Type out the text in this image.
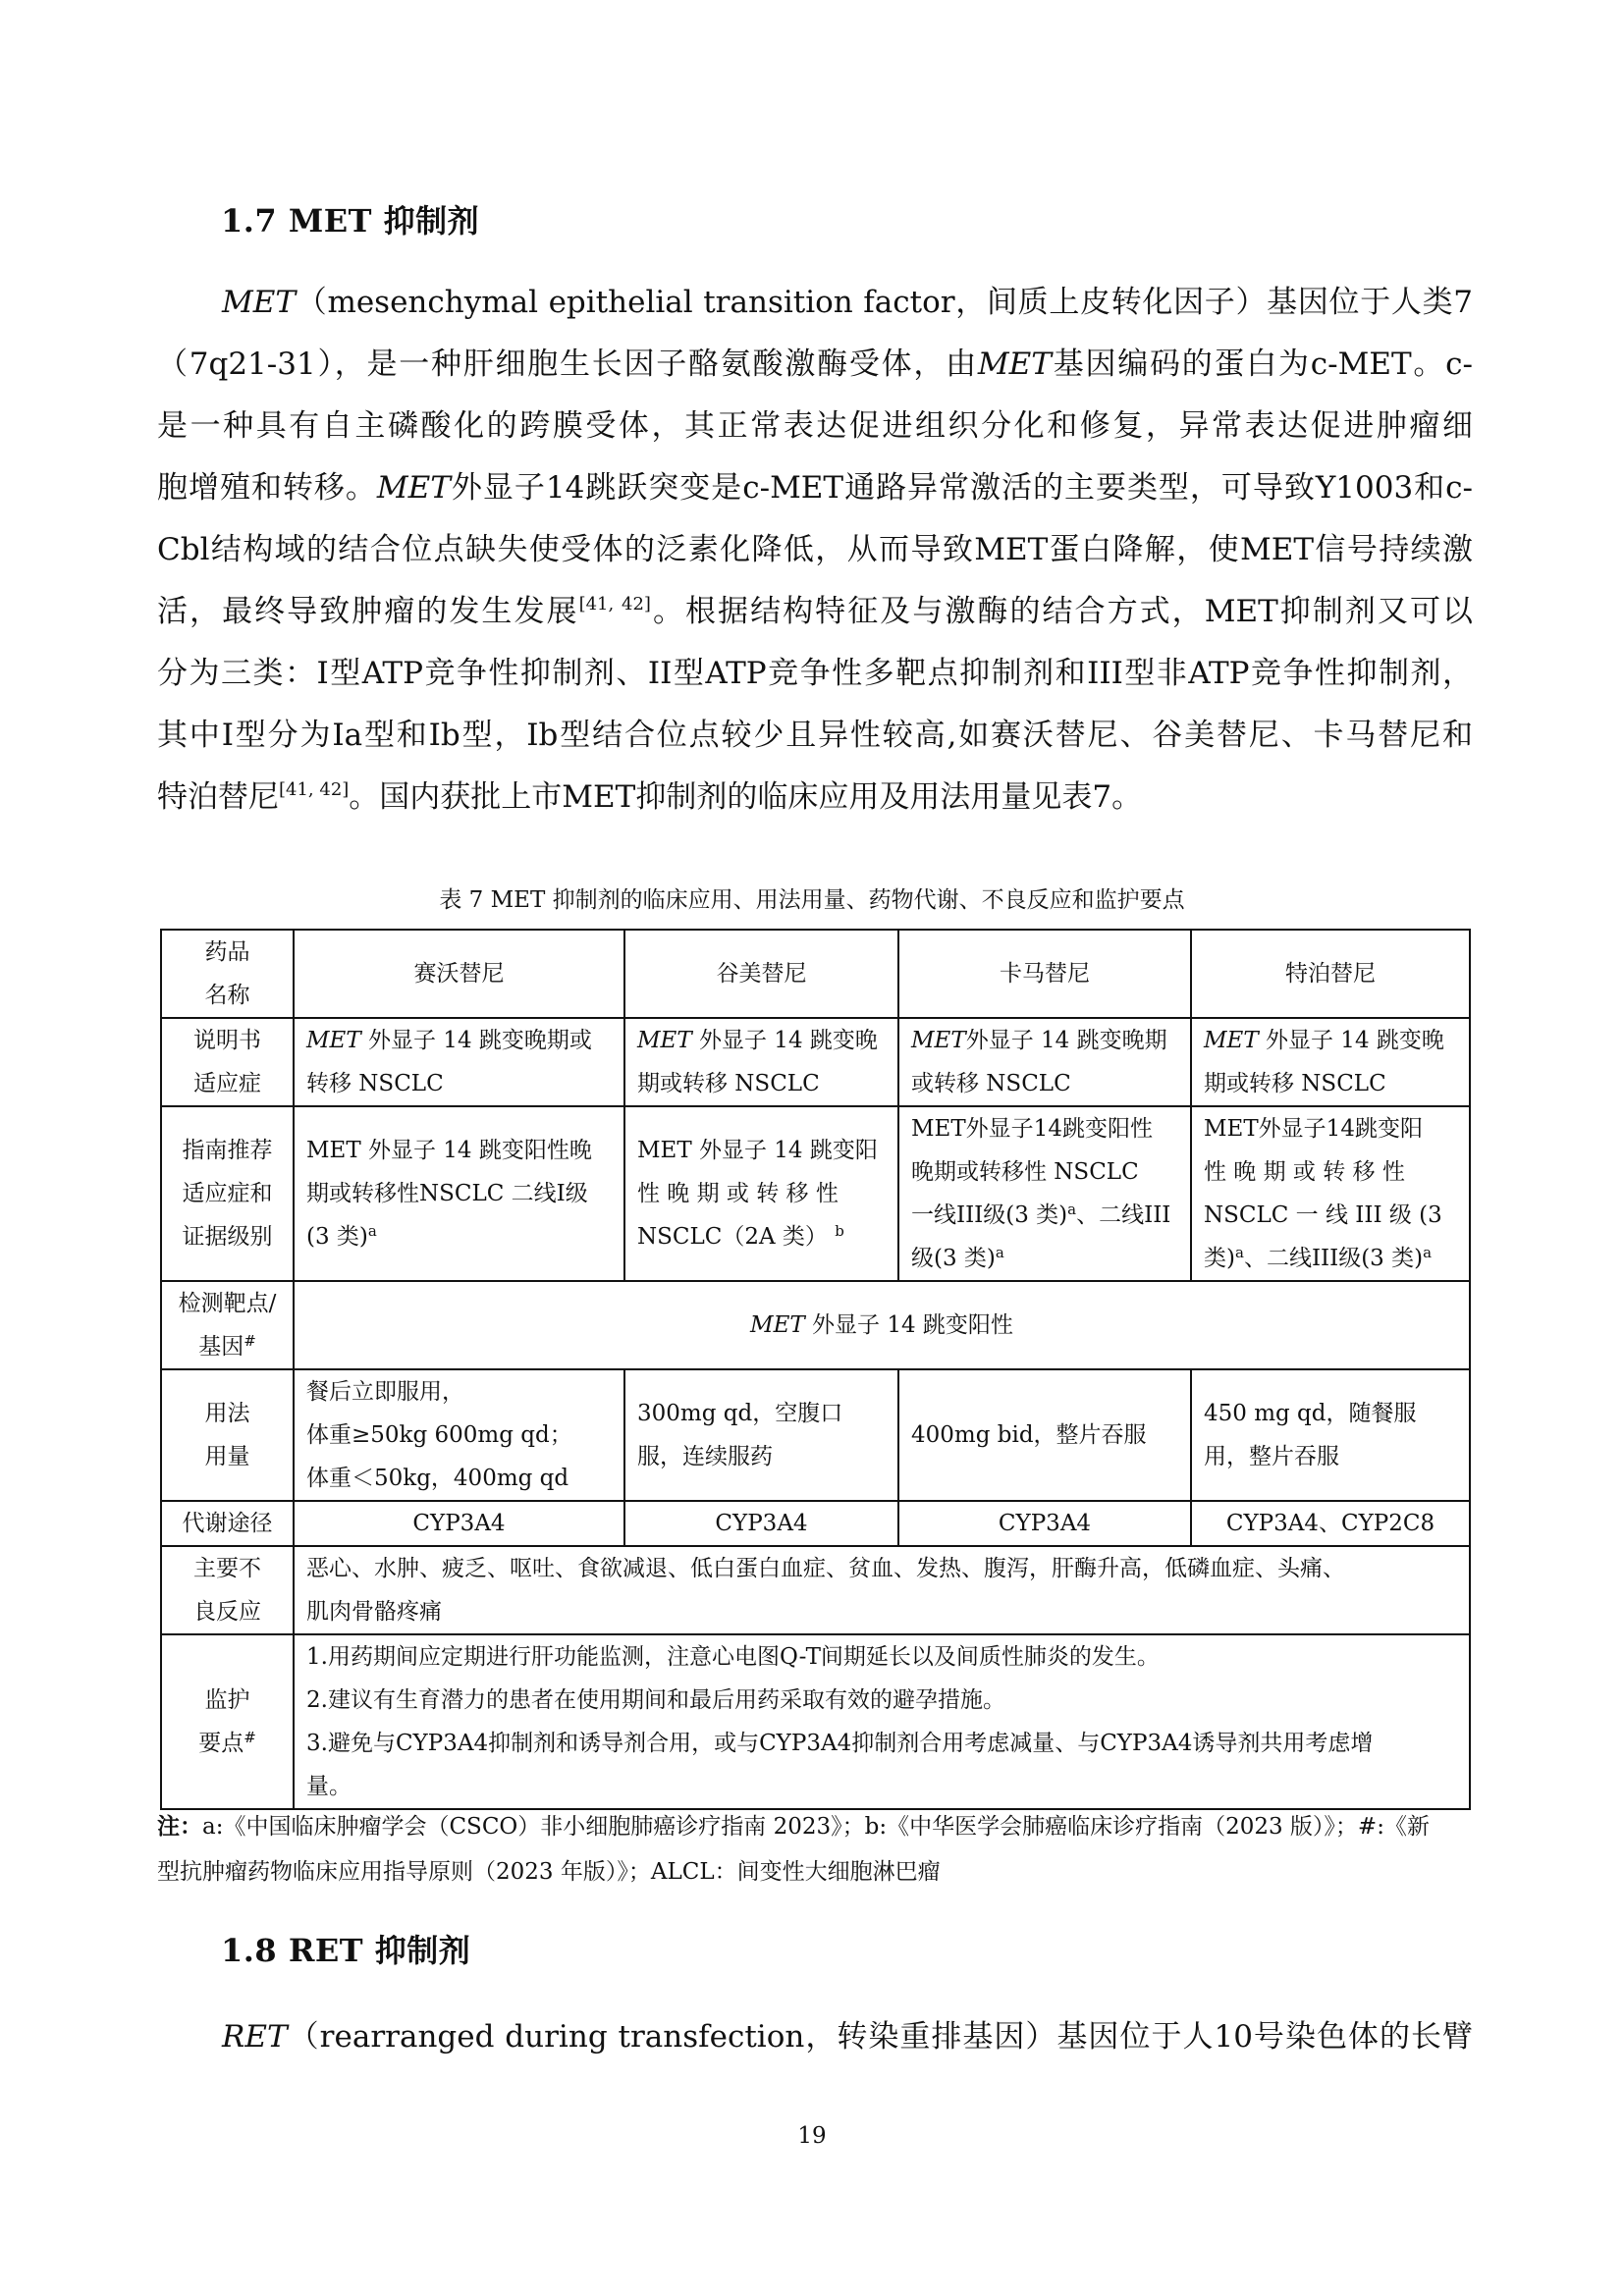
1.7 MET 抑制剂
MET（mesenchymal epithelial transition factor，间质上皮转化因子）基因位于人类7
（7q21-31），是一种肝细胞生长因子酪氨酸激酶受体，由MET基因编码的蛋白为c-MET。c-
是一种具有自主磷酸化的跨膜受体，其正常表达促进组织分化和修复，异常表达促进肿瘤细
胞增殖和转移。MET外显子14跳跃突变是c-MET通路异常激活的主要类型，可导致Y1003和c-
Cbl结构域的结合位点缺失使受体的泛素化降低，从而导致MET蛋白降解，使MET信号持续激
活，最终导致肿瘤的发生发展[41, 42]。根据结构特征及与激酶的结合方式，MET抑制剂又可以
分为三类：I型ATP竞争性抑制剂、II型ATP竞争性多靶点抑制剂和III型非ATP竞争性抑制剂，
其中I型分为Ia型和Ib型，Ib型结合位点较少且异性较高,如赛沃替尼、谷美替尼、卡马替尼和
特泊替尼[41, 42]。国内获批上市MET抑制剂的临床应用及用法用量见表7。
表 7 MET 抑制剂的临床应用、用法用量、药物代谢、不良反应和监护要点
药品
名称	赛沃替尼	谷美替尼	卡马替尼	特泊替尼

说明书
适应症	MET 外显子 14 跳变晚期或
转移 NSCLC	MET 外显子 14 跳变晚
期或转移 NSCLC	MET外显子 14 跳变晚期
或转移 NSCLC	MET 外显子 14 跳变晚
期或转移 NSCLC

指南推荐
适应症和
证据级别	MET 外显子 14 跳变阳性晚
期或转移性NSCLC 二线I级
(3 类)$^a$	MET 外显子 14 跳变阳
性 晚 期 或 转 移 性
NSCLC（2A 类） $^b$	MET外显子14跳变阳性
晚期或转移性 NSCLC
一线III级(3 类)$^a$、二线III
级(3 类)$^a$	MET外显子14跳变阳
性 晚 期 或 转 移 性
NSCLC 一 线 III 级 (3
类)$^a$、二线III级(3 类)$^a$

检测靶点/
基因#	MET 外显子 14 跳变阳性			

用法
用量	餐后立即服用，
体重≥50kg 600mg qd；
体重＜50kg，400mg qd	300mg qd，空腹口
服，连续服药	400mg bid，整片吞服	450 mg qd，随餐服
用，整片吞服

代谢途径	CYP3A4	CYP3A4	CYP3A4	CYP3A4、CYP2C8

主要不
良反应	恶心、水肿、疲乏、呕吐、食欲减退、低白蛋白血症、贫血、发热、腹泻，肝酶升高，低磷血症、头痛、
肌肉骨骼疼痛			

监护
要点#	1.用药期间应定期进行肝功能监测，注意心电图Q-T间期延长以及间质性肺炎的发生。
2.建议有生育潜力的患者在使用期间和最后用药采取有效的避孕措施。
3.避免与CYP3A4抑制剂和诱导剂合用，或与CYP3A4抑制剂合用考虑减量、与CYP3A4诱导剂共用考虑增
量。			
注：a:《中国临床肿瘤学会（CSCO）非小细胞肺癌诊疗指南 2023》；b:《中华医学会肺癌临床诊疗指南（2023 版）》；#:《新
型抗肿瘤药物临床应用指导原则（2023 年版）》；ALCL：间变性大细胞淋巴瘤
1.8 RET 抑制剂
RET（rearranged during transfection，转染重排基因）基因位于人10号染色体的长臂
19
